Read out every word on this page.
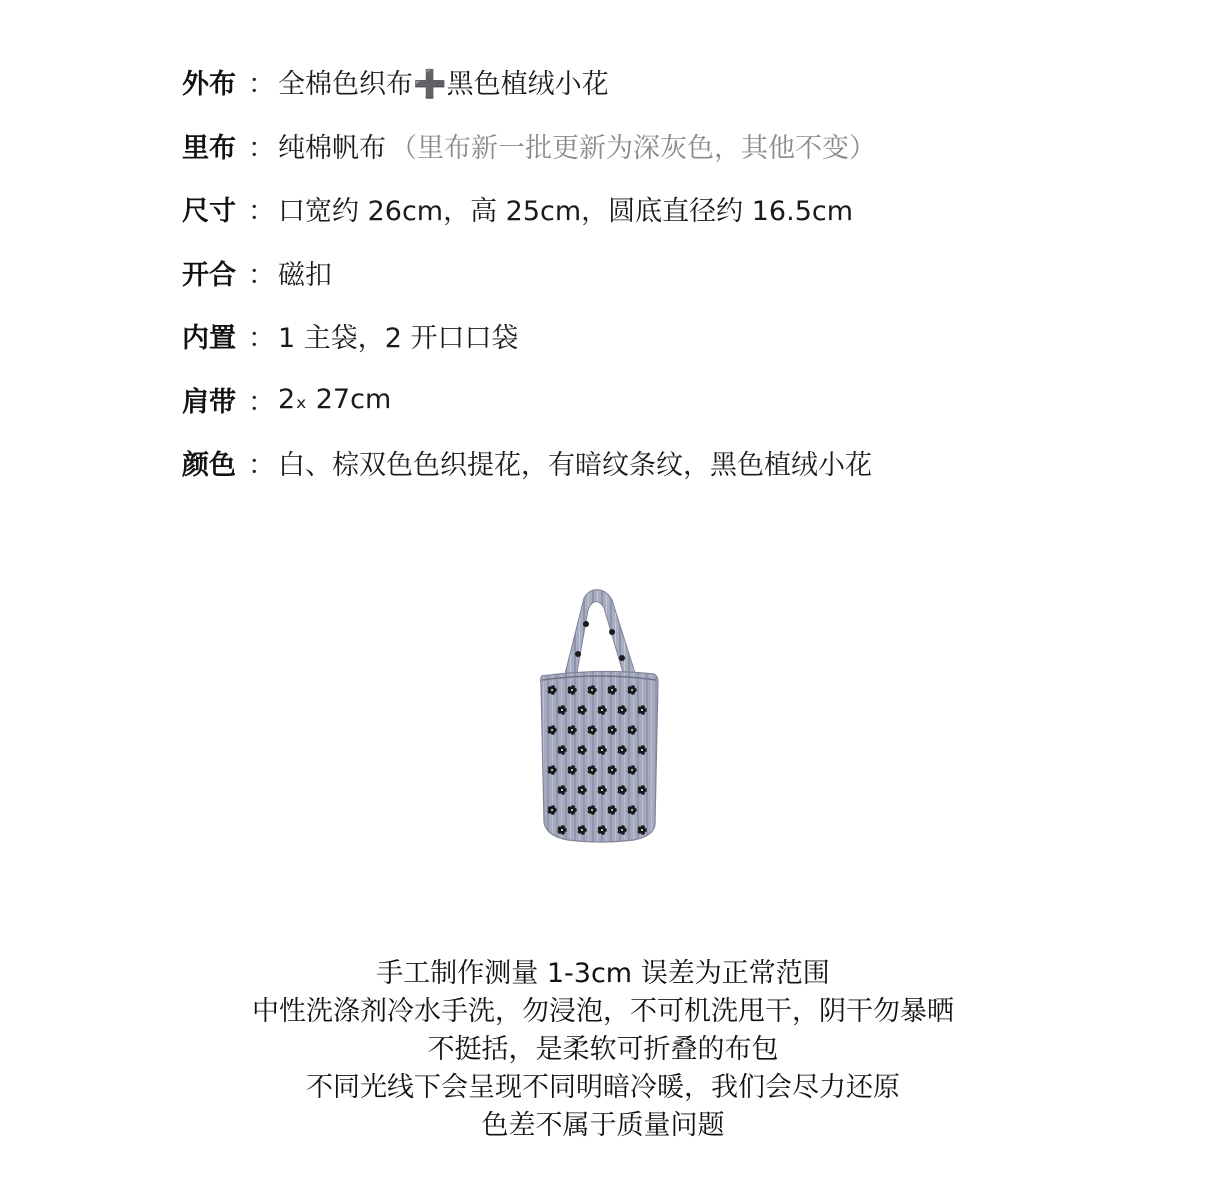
外布 ： 全棉色织布➕黑色植绒小花
里布 ： 纯棉帆布 （里布新一批更新为深灰色，其他不变）
尺寸 ： 口宽约 26cm，高 25cm，圆底直径约 16.5cm
开合 ： 磁扣
内置 ： 1 主袋，2 开口口袋
肩带 ： 2ₓ 27cm
颜色 ： 白、棕双色色织提花，有暗纹条纹，黑色植绒小花
手工制作测量 1-3cm 误差为正常范围
中性洗涤剂冷水手洗，勿浸泡，不可机洗甩干，阴干勿暴晒
不挺括，是柔软可折叠的布包
不同光线下会呈现不同明暗冷暖，我们会尽力还原
色差不属于质量问题
